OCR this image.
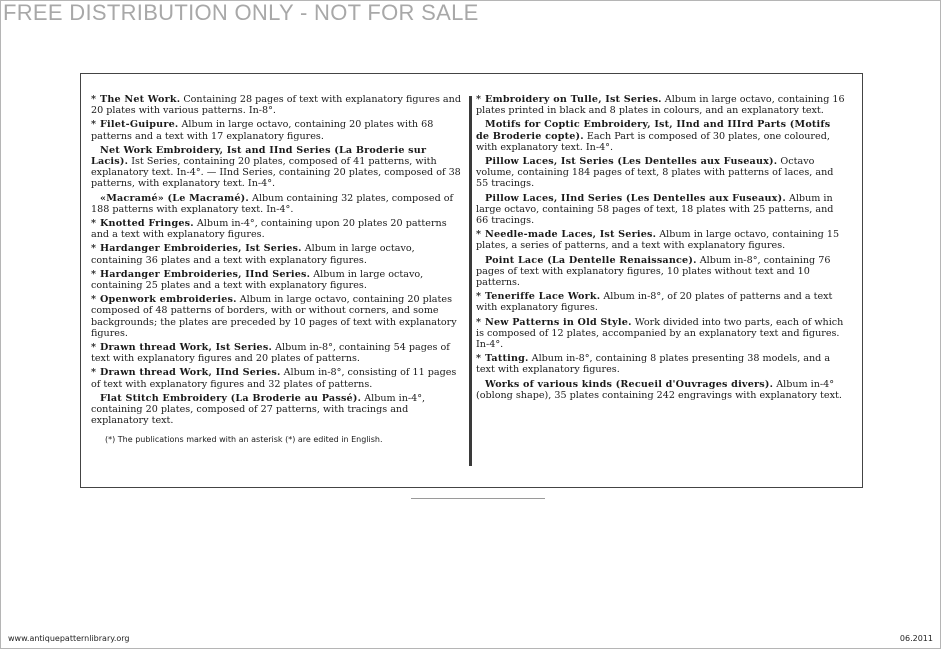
FREE DISTRIBUTION ONLY - NOT FOR SALE
* The Net Work. Containing 28 pages of text with explanatory figures and 20 plates with various patterns. In-8°.
* Filet-Guipure. Album in large octavo, containing 20 plates with 68 patterns and a text with 17 explanatory figures.
Net Work Embroidery, Ist and IInd Series (La Broderie sur Lacis). Ist Series, containing 20 plates, composed of 41 patterns, with explanatory text. In-4°. — IInd Series, containing 20 plates, composed of 38 patterns, with explanatory text. In-4°.
«Macramé» (Le Macramé). Album containing 32 plates, composed of 188 patterns with explanatory text. In-4°.
* Knotted Fringes. Album in-4°, containing upon 20 plates 20 patterns and a text with explanatory figures.
* Hardanger Embroideries, Ist Series. Album in large octavo, containing 36 plates and a text with explanatory figures.
* Hardanger Embroideries, IInd Series. Album in large octavo, containing 25 plates and a text with explanatory figures.
* Openwork embroideries. Album in large octavo, containing 20 plates composed of 48 patterns of borders, with or without corners, and some backgrounds; the plates are preceded by 10 pages of text with explanatory figures.
* Drawn thread Work, Ist Series. Album in-8°, containing 54 pages of text with explanatory figures and 20 plates of patterns.
* Drawn thread Work, IInd Series. Album in-8°, consisting of 11 pages of text with explanatory figures and 32 plates of patterns.
Flat Stitch Embroidery (La Broderie au Passé). Album in-4°, containing 20 plates, composed of 27 patterns, with tracings and explanatory text.
(*) The publications marked with an asterisk (*) are edited in English.
* Embroidery on Tulle, Ist Series. Album in large octavo, containing 16 plates printed in black and 8 plates in colours, and an explanatory text.
Motifs for Coptic Embroidery, Ist, IInd and IIIrd Parts (Motifs de Broderie copte). Each Part is composed of 30 plates, one coloured, with explanatory text. In-4°.
Pillow Laces, Ist Series (Les Dentelles aux Fuseaux). Octavo volume, containing 184 pages of text, 8 plates with patterns of laces, and 55 tracings.
Pillow Laces, IInd Series (Les Dentelles aux Fuseaux). Album in large octavo, containing 58 pages of text, 18 plates with 25 patterns, and 66 tracings.
* Needle-made Laces, Ist Series. Album in large octavo, containing 15 plates, a series of patterns, and a text with explanatory figures.
Point Lace (La Dentelle Renaissance). Album in-8°, containing 76 pages of text with explanatory figures, 10 plates without text and 10 patterns.
* Teneriffe Lace Work. Album in-8°, of 20 plates of patterns and a text with explanatory figures.
* New Patterns in Old Style. Work divided into two parts, each of which is composed of 12 plates, accompanied by an explanatory text and figures. In-4°.
* Tatting. Album in-8°, containing 8 plates presenting 38 models, and a text with explanatory figures.
Works of various kinds (Recueil d'Ouvrages divers). Album in-4° (oblong shape), 35 plates containing 242 engravings with explanatory text.
www.antiquepatternlibrary.org	06.2011
